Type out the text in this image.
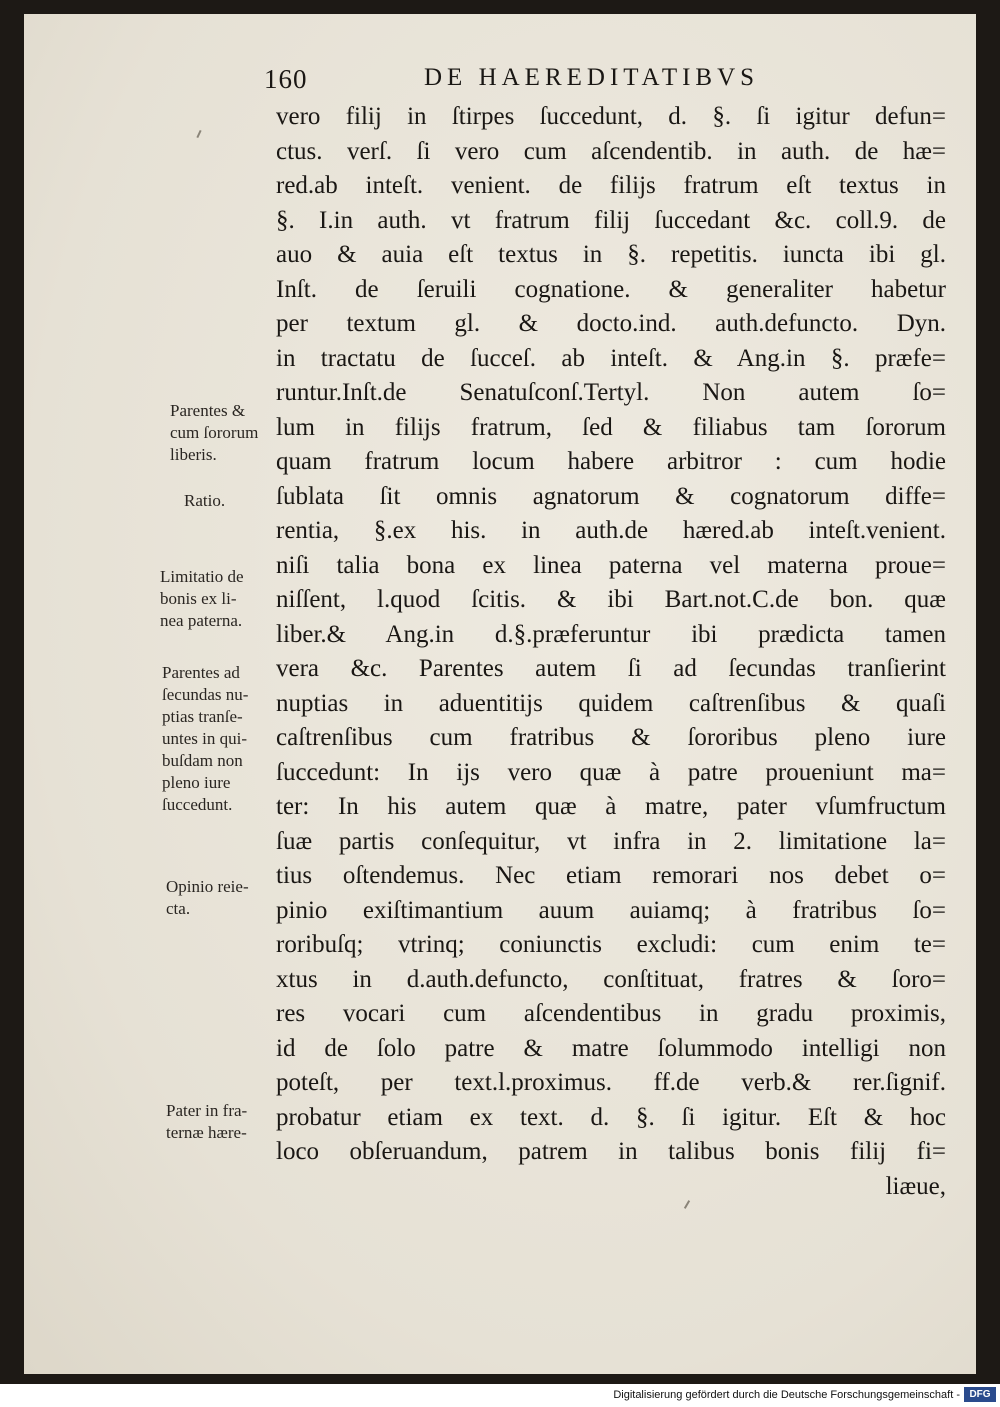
160	DE HAEREDITATIBVS
vero filij in ſtirpes ſuccedunt, d. §. ſi igitur defun=
ctus. verſ. ſi vero cum aſcendentib. in auth. de hæ=
red.ab inteſt. venient. de filijs fratrum eſt textus in
§. I.in auth. vt fratrum filij ſuccedant &c. coll.9. de
auo & auia eſt textus in §. repetitis. iuncta ibi gl.
Inſt. de ſeruili cognatione. & generaliter habetur
per textum gl. & docto.ind. auth.defuncto. Dyn.
in tractatu de ſucceſ. ab inteſt. & Ang.in §. præfe=
runtur.Inſt.de Senatuſconſ.Tertyl. Non autem ſo=
lum in filijs fratrum, ſed & filiabus tam ſororum
quam fratrum locum habere arbitror : cum hodie
ſublata ſit omnis agnatorum & cognatorum diffe=
rentia, §.ex his. in auth.de hæred.ab inteſt.venient.
niſi talia bona ex linea paterna vel materna proue=
niſſent, l.quod ſcitis. & ibi Bart.not.C.de bon. quæ
liber.& Ang.in d.§.præferuntur ibi prædicta tamen
vera &c. Parentes autem ſi ad ſecundas tranſierint
nuptias in aduentitijs quidem caſtrenſibus & quaſi
caſtrenſibus cum fratribus & ſororibus pleno iure
ſuccedunt: In ijs vero quæ à patre proueniunt ma=
ter: In his autem quæ à matre, pater vſumfructum
ſuæ partis conſequitur, vt infra in 2. limitatione la=
tius oſtendemus. Nec etiam remorari nos debet o=
pinio exiſtimantium auum auiamq; à fratribus ſo=
roribuſq; vtrinq; coniunctis excludi: cum enim te=
xtus in d.auth.defuncto, conſtituat, fratres & ſoro=
res vocari cum aſcendentibus in gradu proximis,
id de ſolo patre & matre ſolummodo intelligi non
poteſt, per text.l.proximus. ff.de verb.& rer.ſignif.
probatur etiam ex text. d. §. ſi igitur. Eſt & hoc
loco obſeruandum, patrem in talibus bonis filij fi=
liæue,
Parentes &
cum ſororum
liberis.
Ratio.
Limitatio de
bonis ex li-
nea paterna.
Parentes ad
ſecundas nu-
ptias tranſe-
untes in qui-
buſdam non
pleno iure
ſuccedunt.
Opinio reie-
cta.
Pater in fra-
ternæ hære-
Digitalisierung gefördert durch die Deutsche Forschungsgemeinschaft - DFG
